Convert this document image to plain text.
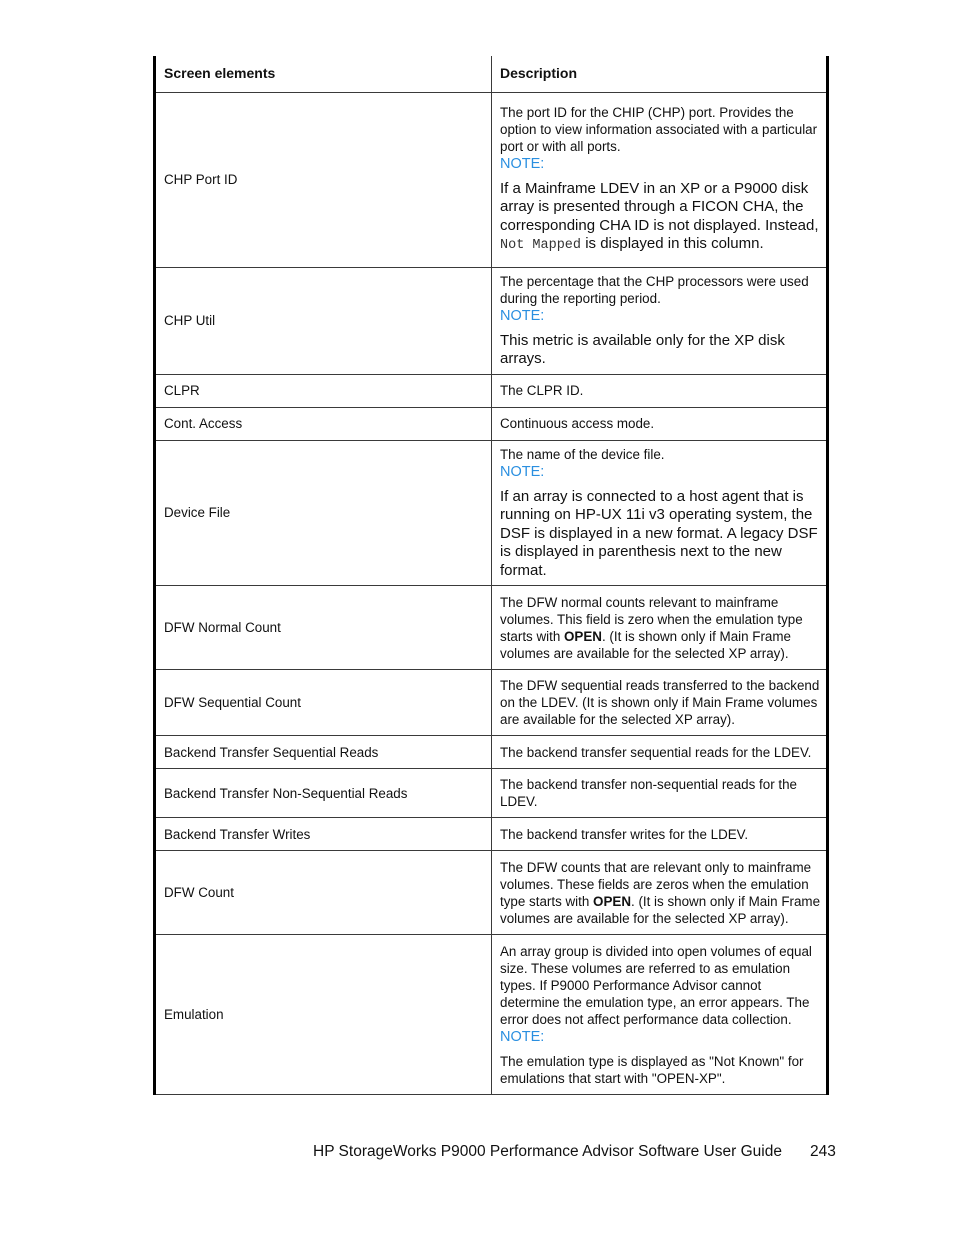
Screen elements	Description
CHP Port ID	The port ID for the CHIP (CHP) port. Provides the option to view information associated with a particular port or with all ports.
NOTE:
If a Mainframe LDEV in an XP or a P9000 disk array is presented through a FICON CHA, the corresponding CHA ID is not displayed. Instead,
Not Mapped is displayed in this column.

CHP Util	The percentage that the CHP processors were used during the reporting period.
NOTE:
This metric is available only for the XP disk arrays.

CLPR	The CLPR ID.
Cont. Access	Continuous access mode.
Device File	The name of the device file.
NOTE:
If an array is connected to a host agent that is running on HP-UX 11i v3 operating system, the DSF is displayed in a new format. A legacy DSF is displayed in parenthesis next to the new format.

DFW Normal Count	The DFW normal counts relevant to mainframe volumes. This field is zero when the emulation type starts with OPEN. (It is shown only if Main Frame volumes are available for the selected XP array).
DFW Sequential Count	The DFW sequential reads transferred to the backend on the LDEV. (It is shown only if Main Frame volumes are available for the selected XP array).
Backend Transfer Sequential Reads	The backend transfer sequential reads for the LDEV.
Backend Transfer Non-Sequential Reads	The backend transfer non-sequential reads for the LDEV.
Backend Transfer Writes	The backend transfer writes for the LDEV.
DFW Count	The DFW counts that are relevant only to mainframe volumes. These fields are zeros when the emulation type starts with OPEN. (It is shown only if Main Frame volumes are available for the selected XP array).
Emulation	An array group is divided into open volumes of equal size. These volumes are referred to as emulation types. If P9000 Performance Advisor cannot determine the emulation type, an error appears. The error does not affect performance data collection.
NOTE:
The emulation type is displayed as "Not Known" for emulations that start with "OPEN-XP".
HP StorageWorks P9000 Performance Advisor Software User Guide 243
